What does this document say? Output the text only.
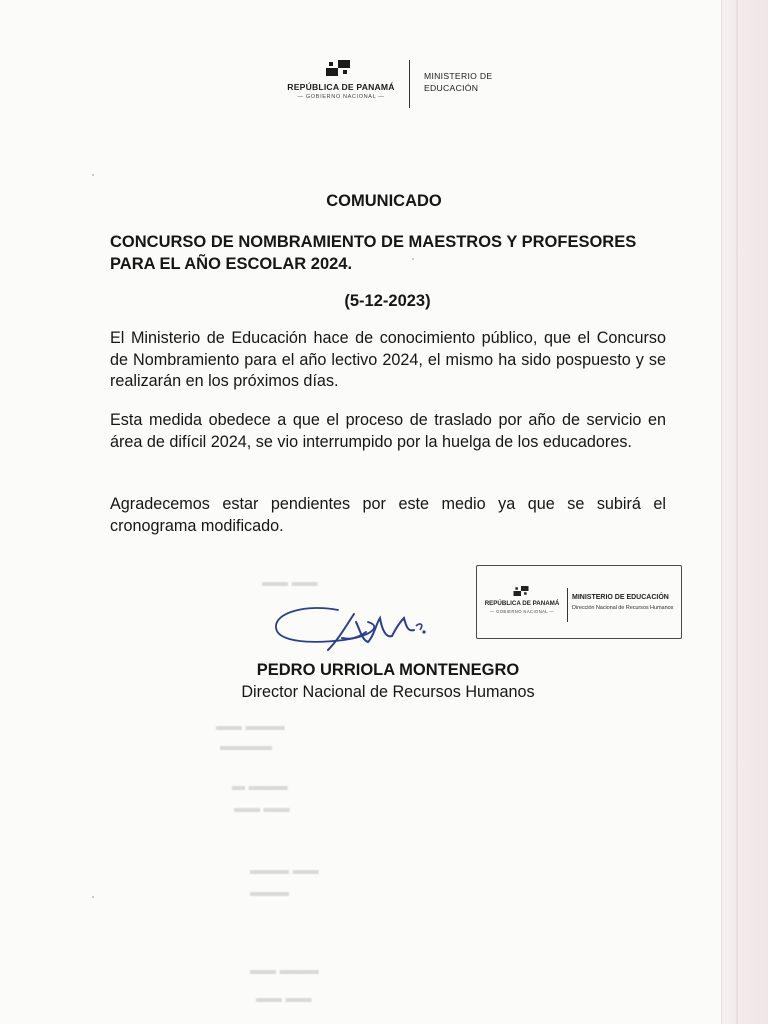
▬▬ ▬▬
▬▬▬ ▬▬
▬▬▬▬
▬▬▬ ▬
▬▬ ▬▬
▬▬ ▬▬▬
▬▬▬
▬▬▬ ▬▬
▬▬ ▬▬
REPÚBLICA DE PANAMÁ
— GOBIERNO NACIONAL —
MINISTERIO DE
EDUCACIÓN
COMUNICADO
CONCURSO DE NOMBRAMIENTO DE MAESTROS Y PROFESORES PARA EL AÑO ESCOLAR 2024.
(5-12-2023)

El Ministerio de Educación hace de conocimiento público, que el Concurso de Nombramiento para el año lectivo 2024, el mismo ha sido pospuesto y se realizarán en los próximos días.

Esta medida obedece a que el proceso de traslado por año de servicio en área de difícil 2024, se vio interrumpido por la huelga de los educadores.

Agradecemos estar pendientes por este medio ya que se subirá el cronograma modificado.

REPÚBLICA DE PANAMÁ
— GOBIERNO NACIONAL —
MINISTERIO DE EDUCACIÓN
Dirección Nacional de Recursos Humanos
PEDRO URRIOLA MONTENEGRO
Director Nacional de Recursos Humanos
